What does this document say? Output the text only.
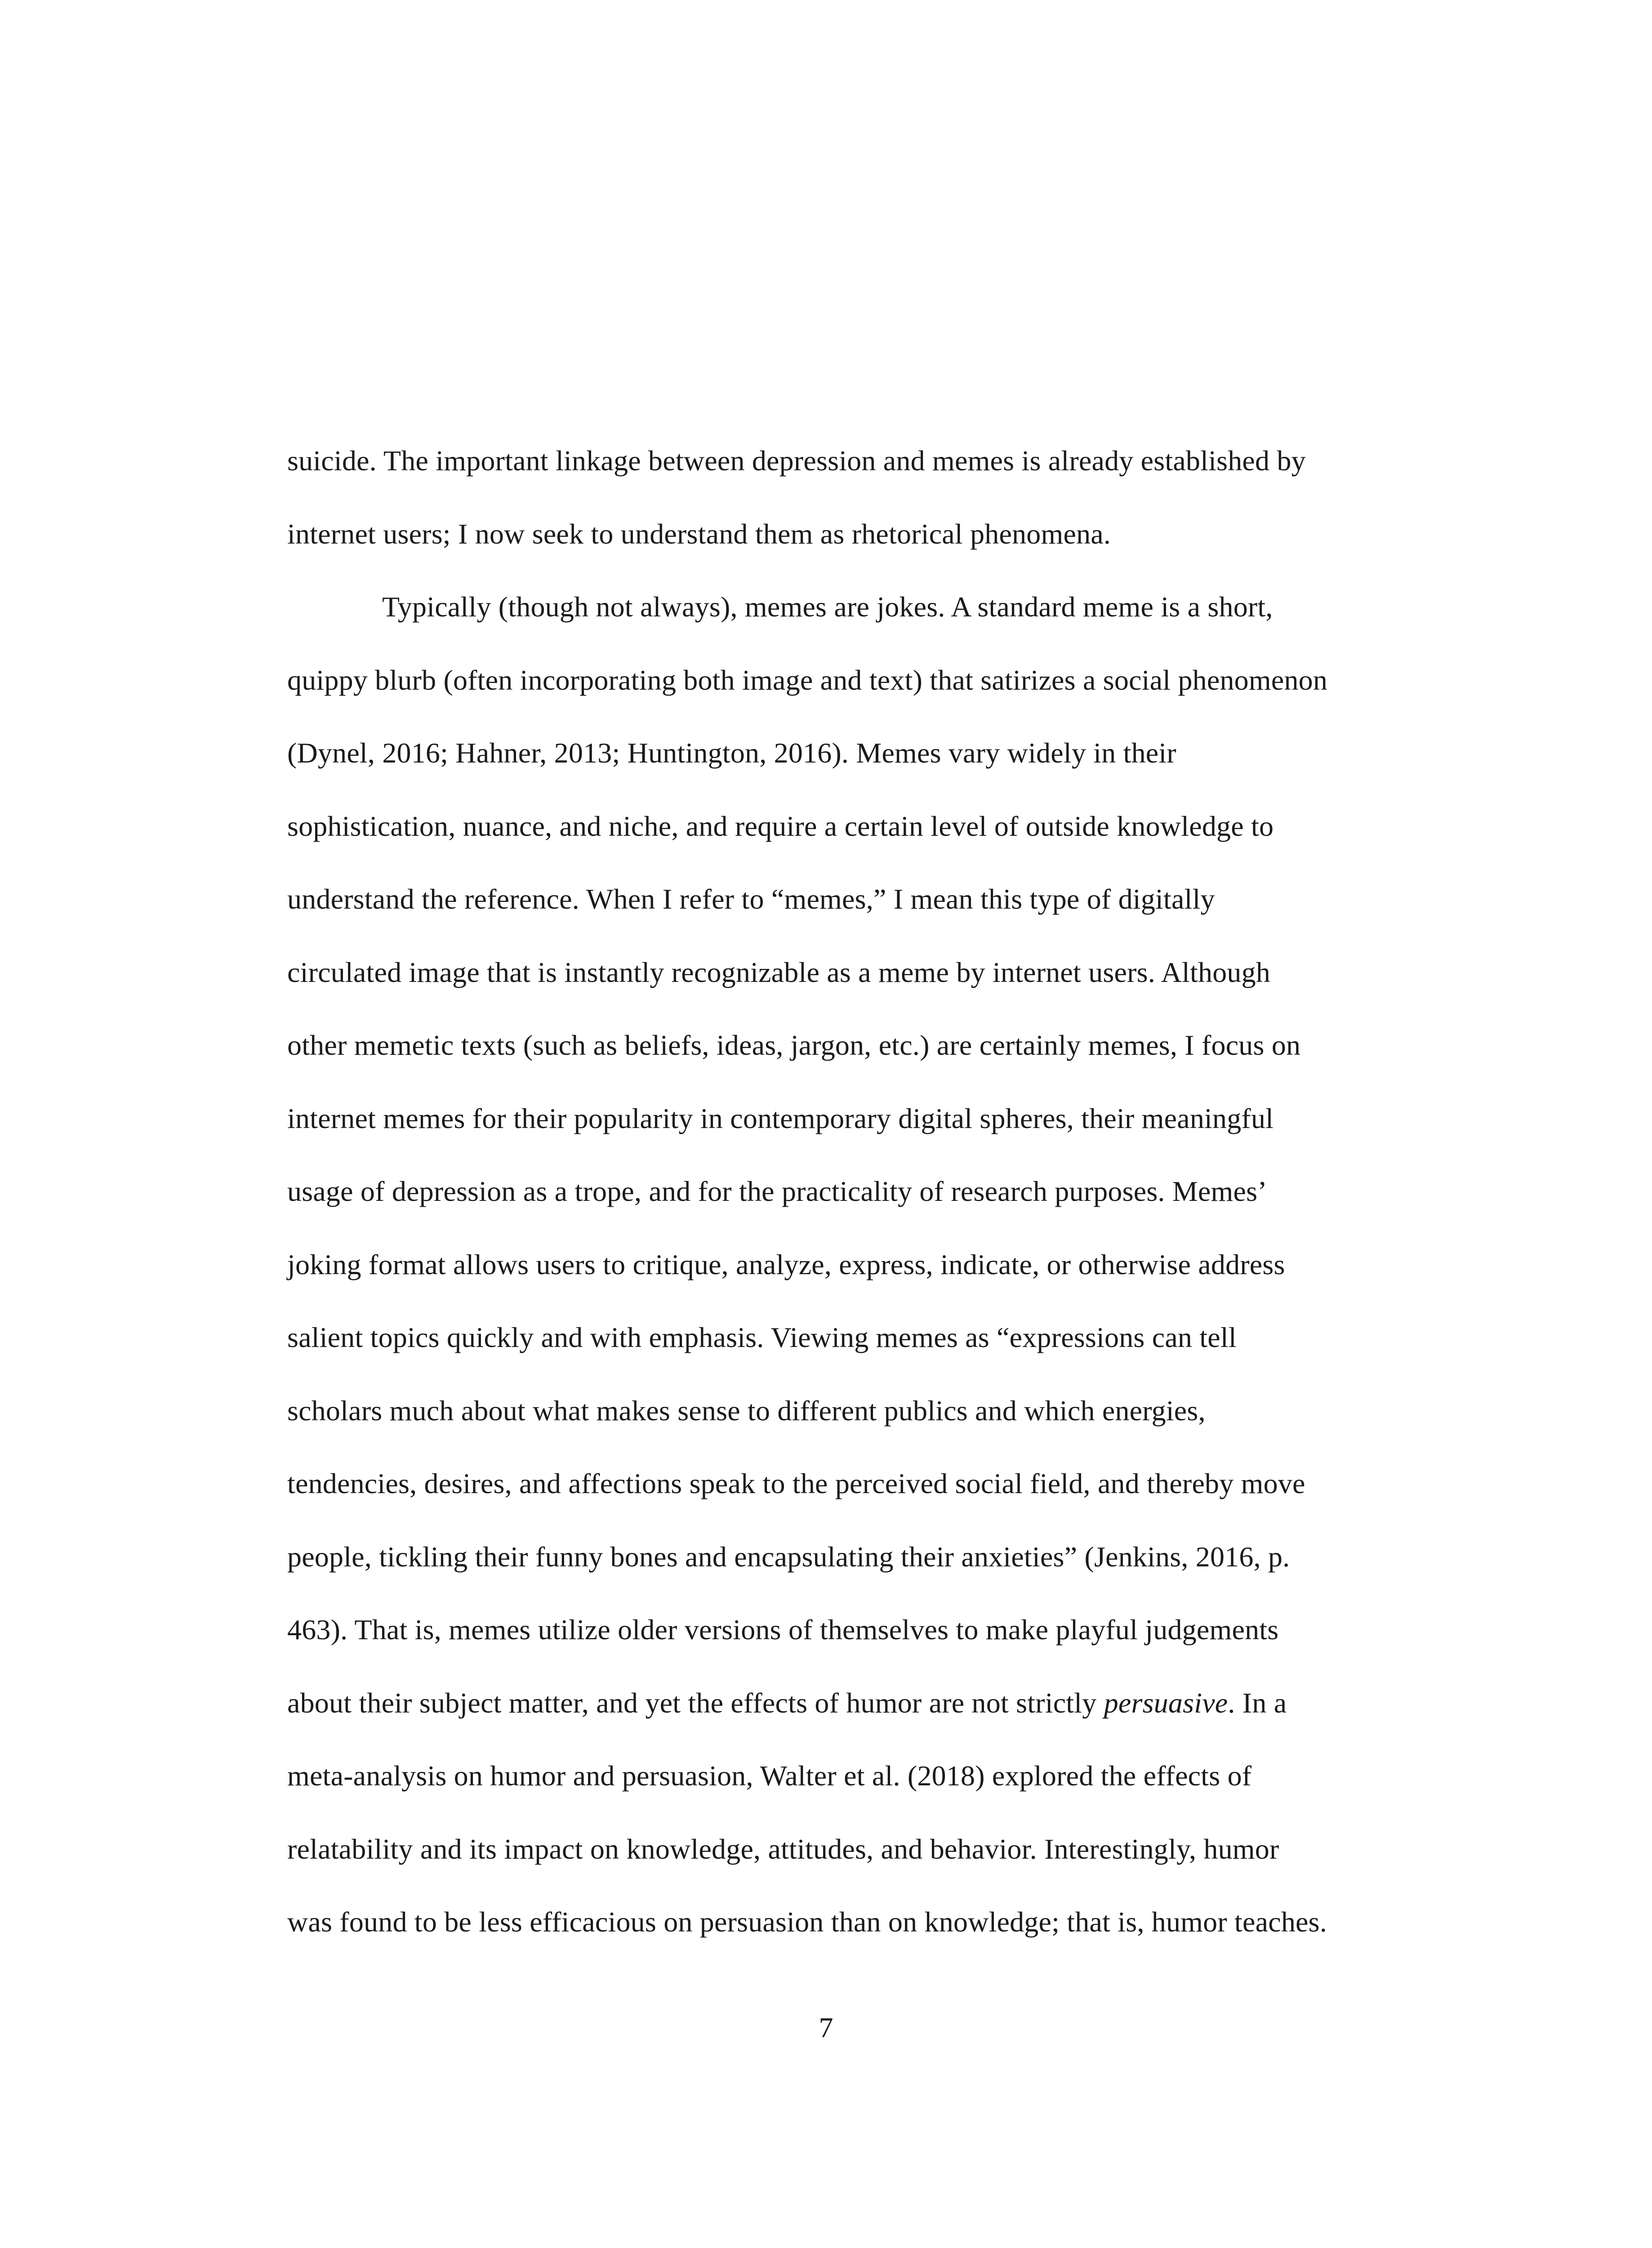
suicide. The important linkage between depression and memes is already established by

internet users; I now seek to understand them as rhetorical phenomena.

Typically (though not always), memes are jokes. A standard meme is a short,

quippy blurb (often incorporating both image and text) that satirizes a social phenomenon

(Dynel, 2016; Hahner, 2013; Huntington, 2016). Memes vary widely in their

sophistication, nuance, and niche, and require a certain level of outside knowledge to

understand the reference. When I refer to “memes,” I mean this type of digitally

circulated image that is instantly recognizable as a meme by internet users. Although

other memetic texts (such as beliefs, ideas, jargon, etc.) are certainly memes, I focus on

internet memes for their popularity in contemporary digital spheres, their meaningful

usage of depression as a trope, and for the practicality of research purposes. Memes’

joking format allows users to critique, analyze, express, indicate, or otherwise address

salient topics quickly and with emphasis. Viewing memes as “expressions can tell

scholars much about what makes sense to different publics and which energies,

tendencies, desires, and affections speak to the perceived social field, and thereby move

people, tickling their funny bones and encapsulating their anxieties” (Jenkins, 2016, p.

463). That is, memes utilize older versions of themselves to make playful judgements

about their subject matter, and yet the effects of humor are not strictly persuasive. In a

meta-analysis on humor and persuasion, Walter et al. (2018) explored the effects of

relatability and its impact on knowledge, attitudes, and behavior. Interestingly, humor

was found to be less efficacious on persuasion than on knowledge; that is, humor teaches.

7
